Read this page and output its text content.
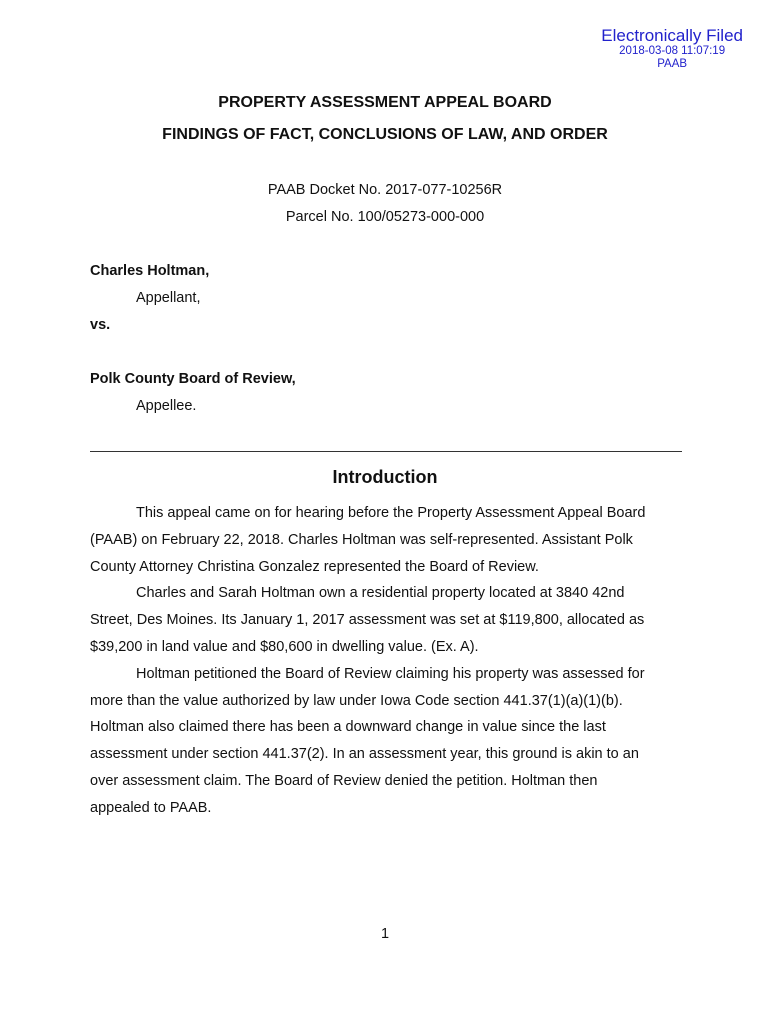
Electronically Filed
2018-03-08 11:07:19
PAAB
PROPERTY ASSESSMENT APPEAL BOARD
FINDINGS OF FACT, CONCLUSIONS OF LAW, AND ORDER
PAAB Docket No. 2017-077-10256R
Parcel No. 100/05273-000-000
Charles Holtman,
Appellant,
vs.
Polk County Board of Review,
Appellee.
Introduction

This appeal came on for hearing before the Property Assessment Appeal Board
(PAAB) on February 22, 2018. Charles Holtman was self-represented. Assistant Polk
County Attorney Christina Gonzalez represented the Board of Review.

Charles and Sarah Holtman own a residential property located at 3840 42nd
Street, Des Moines. Its January 1, 2017 assessment was set at $119,800, allocated as
$39,200 in land value and $80,600 in dwelling value. (Ex. A).

Holtman petitioned the Board of Review claiming his property was assessed for
more than the value authorized by law under Iowa Code section 441.37(1)(a)(1)(b).
Holtman also claimed there has been a downward change in value since the last
assessment under section 441.37(2). In an assessment year, this ground is akin to an
over assessment claim. The Board of Review denied the petition. Holtman then
appealed to PAAB.

1
